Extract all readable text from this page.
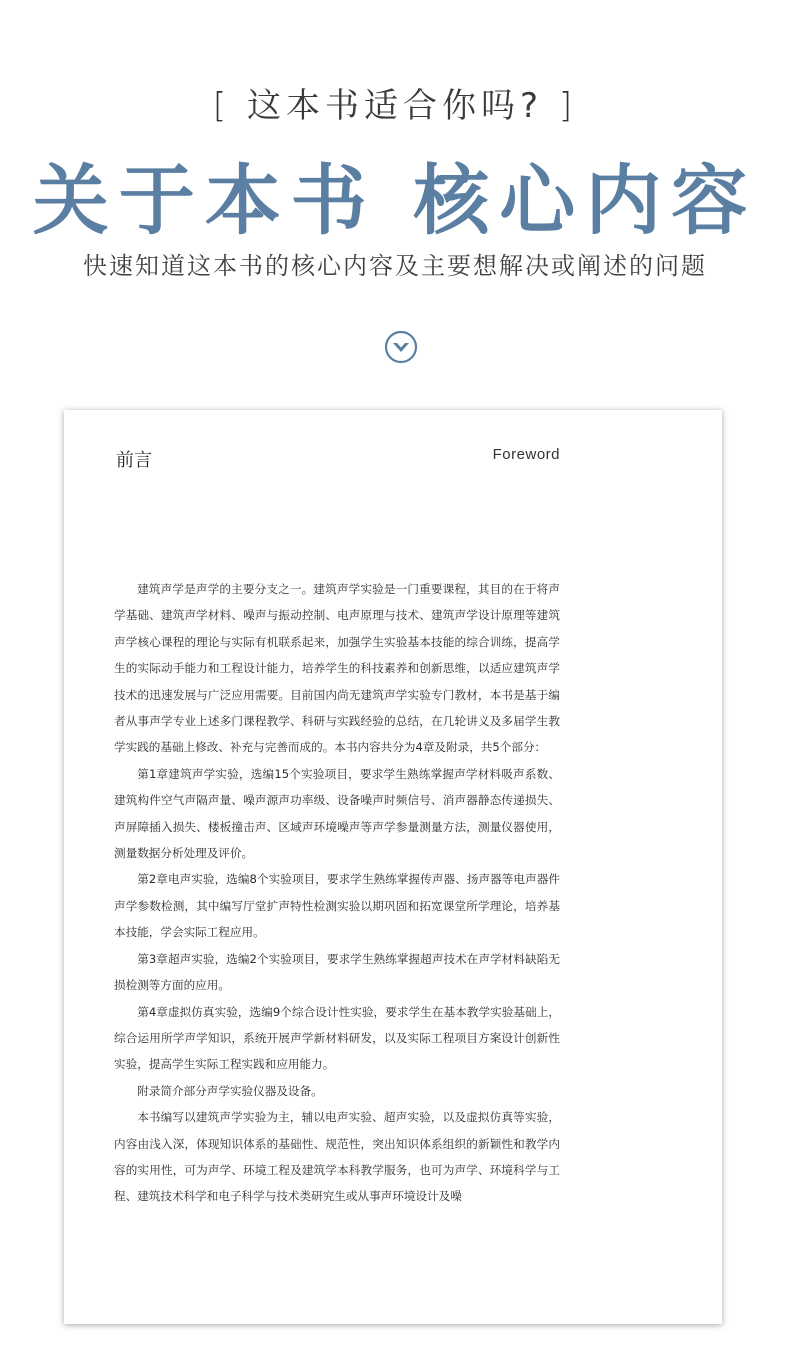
[ 这本书适合你吗? ]
关于本书 核心内容
快速知道这本书的核心内容及主要想解决或阐述的问题
前言	Foreword

建筑声学是声学的主要分支之一。建筑声学实验是一门重要课程，其目的在于将声学基础、建筑声学材料、噪声与振动控制、电声原理与技术、建筑声学设计原理等建筑声学核心课程的理论与实际有机联系起来，加强学生实验基本技能的综合训练，提高学生的实际动手能力和工程设计能力，培养学生的科技素养和创新思维，以适应建筑声学技术的迅速发展与广泛应用需要。目前国内尚无建筑声学实验专门教材，本书是基于编者从事声学专业上述多门课程教学、科研与实践经验的总结，在几轮讲义及多届学生教学实践的基础上修改、补充与完善而成的。本书内容共分为4章及附录，共5个部分：

第1章建筑声学实验，选编15个实验项目，要求学生熟练掌握声学材料吸声系数、建筑构件空气声隔声量、噪声源声功率级、设备噪声时频信号、消声器静态传递损失、声屏障插入损失、楼板撞击声、区域声环境噪声等声学参量测量方法，测量仪器使用，测量数据分析处理及评价。

第2章电声实验，选编8个实验项目，要求学生熟练掌握传声器、扬声器等电声器件声学参数检测，其中编写厅堂扩声特性检测实验以期巩固和拓宽课堂所学理论，培养基本技能，学会实际工程应用。

第3章超声实验，选编2个实验项目，要求学生熟练掌握超声技术在声学材料缺陷无损检测等方面的应用。

第4章虚拟仿真实验，选编9个综合设计性实验，要求学生在基本教学实验基础上，综合运用所学声学知识，系统开展声学新材料研发，以及实际工程项目方案设计创新性实验，提高学生实际工程实践和应用能力。

附录简介部分声学实验仪器及设备。

本书编写以建筑声学实验为主，辅以电声实验、超声实验，以及虚拟仿真等实验，内容由浅入深，体现知识体系的基础性、规范性，突出知识体系组织的新颖性和教学内容的实用性，可为声学、环境工程及建筑学本科教学服务，也可为声学、环境科学与工程、建筑技术科学和电子科学与技术类研究生或从事声环境设计及噪
